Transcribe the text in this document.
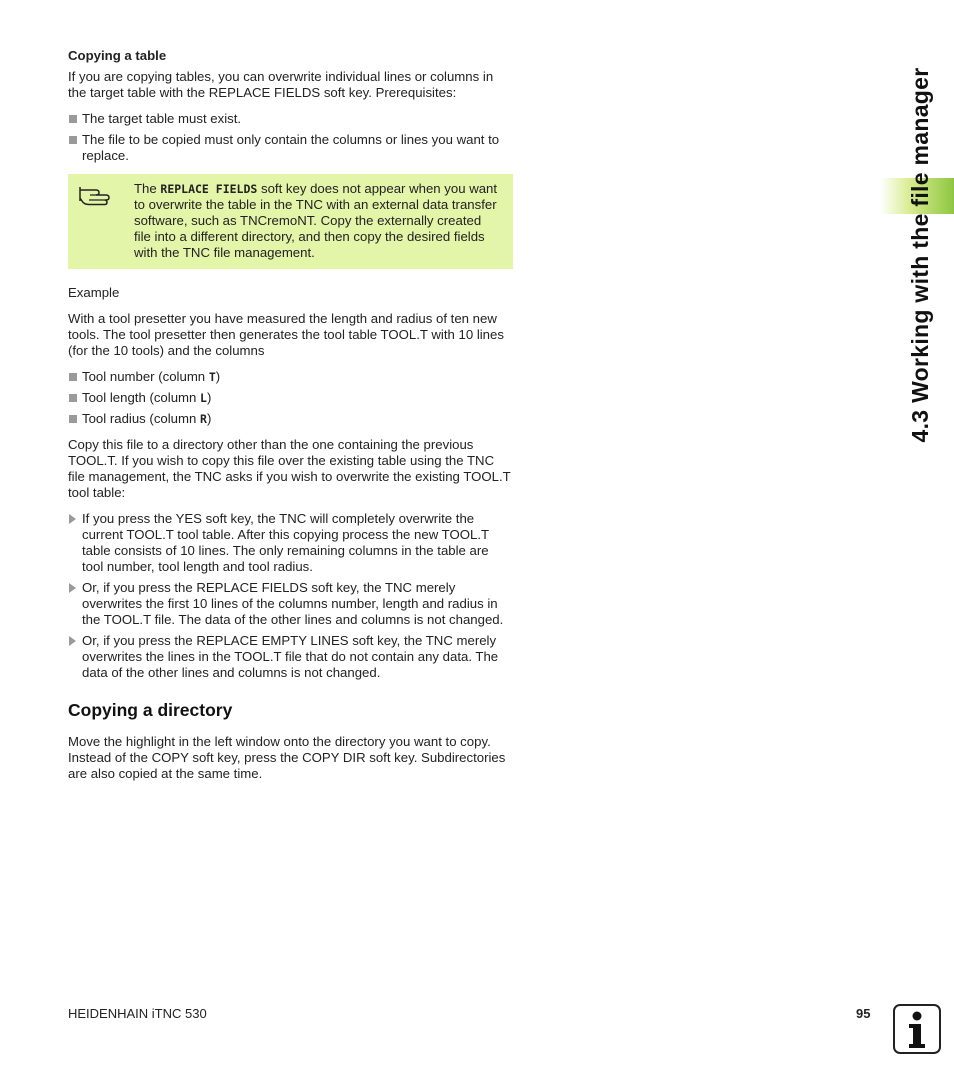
Copying a table

If you are copying tables, you can overwrite individual lines or columns in the target table with the REPLACE FIELDS soft key. Prerequisites:

The target table must exist.
The file to be copied must only contain the columns or lines you want to replace.
The REPLACE FIELDS soft key does not appear when you want to overwrite the table in the TNC with an external data transfer software, such as TNCremoNT. Copy the externally created file into a different directory, and then copy the desired fields with the TNC file management.

Example

With a tool presetter you have measured the length and radius of ten new tools. The tool presetter then generates the tool table TOOL.T with 10 lines (for the 10 tools) and the columns

Tool number (column T)
Tool length (column L)
Tool radius (column R)

Copy this file to a directory other than the one containing the previous TOOL.T. If you wish to copy this file over the existing table using the TNC file management, the TNC asks if you wish to overwrite the existing TOOL.T tool table:

If you press the YES soft key, the TNC will completely overwrite the current TOOL.T tool table. After this copying process the new TOOL.T table consists of 10 lines. The only remaining columns in the table are tool number, tool length and tool radius.
Or, if you press the REPLACE FIELDS soft key, the TNC merely overwrites the first 10 lines of the columns number, length and radius in the TOOL.T file. The data of the other lines and columns is not changed.
Or, if you press the REPLACE EMPTY LINES soft key, the TNC merely overwrites the lines in the TOOL.T file that do not contain any data. The data of the other lines and columns is not changed.
Copying a directory

Move the highlight in the left window onto the directory you want to copy. Instead of the COPY soft key, press the COPY DIR soft key. Subdirectories are also copied at the same time.

4.3 Working with the file manager
HEIDENHAIN iTNC 530	95
